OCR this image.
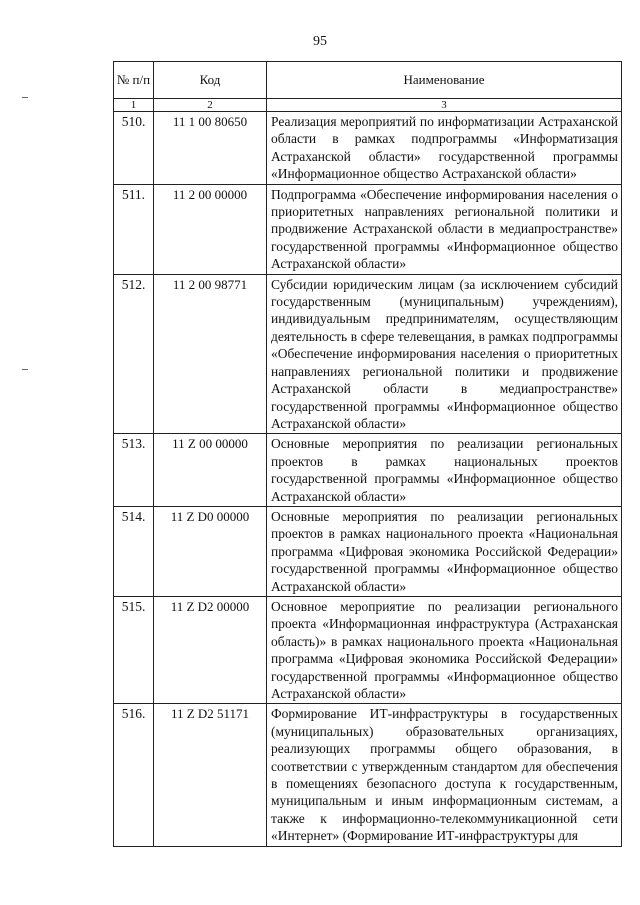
95
№ п/п	Код	Наименование
1	2	3
510.	11 1 00 80650	Реализация мероприятий по информатизации Астраханской области в рамках подпрограммы «Информатизация Астраханской области» государственной программы «Информационное общество Астраханской области»
511.	11 2 00 00000	Подпрограмма «Обеспечение информирования населения о приоритетных направлениях региональной политики и продвижение Астраханской области в медиапространстве» государственной программы «Информационное общество Астраханской области»
512.	11 2 00 98771	Субсидии юридическим лицам (за исключением субсидий государственным (муниципальным) учреждениям), индивидуальным предпринимателям, осуществляющим деятельность в сфере телевещания, в рамках подпрограммы «Обеспечение информирования населения о приоритетных направлениях региональной политики и продвижение Астраханской области в медиапространстве» государственной программы «Информационное общество Астраханской области»
513.	11 Z 00 00000	Основные мероприятия по реализации региональных проектов в рамках национальных проектов государственной программы «Информационное общество Астраханской области»
514.	11 Z D0 00000	Основные мероприятия по реализации региональных проектов в рамках национального проекта «Национальная программа «Цифровая экономика Российской Федерации» государственной программы «Информационное общество Астраханской области»
515.	11 Z D2 00000	Основное мероприятие по реализации регионального проекта «Информационная инфраструктура (Астраханская область)» в рамках национального проекта «Национальная программа «Цифровая экономика Российской Федерации» государственной программы «Информационное общество Астраханской области»
516.	11 Z D2 51171	Формирование ИТ-инфраструктуры в государственных (муниципальных) образовательных организациях, реализующих программы общего образования, в соответствии с утвержденным стандартом для обеспечения в помещениях безопасного доступа к государственным, муниципальным и иным информационным системам, а также к информационно-телекоммуникационной сети «Интернет» (Формирование ИТ-инфраструктуры для
